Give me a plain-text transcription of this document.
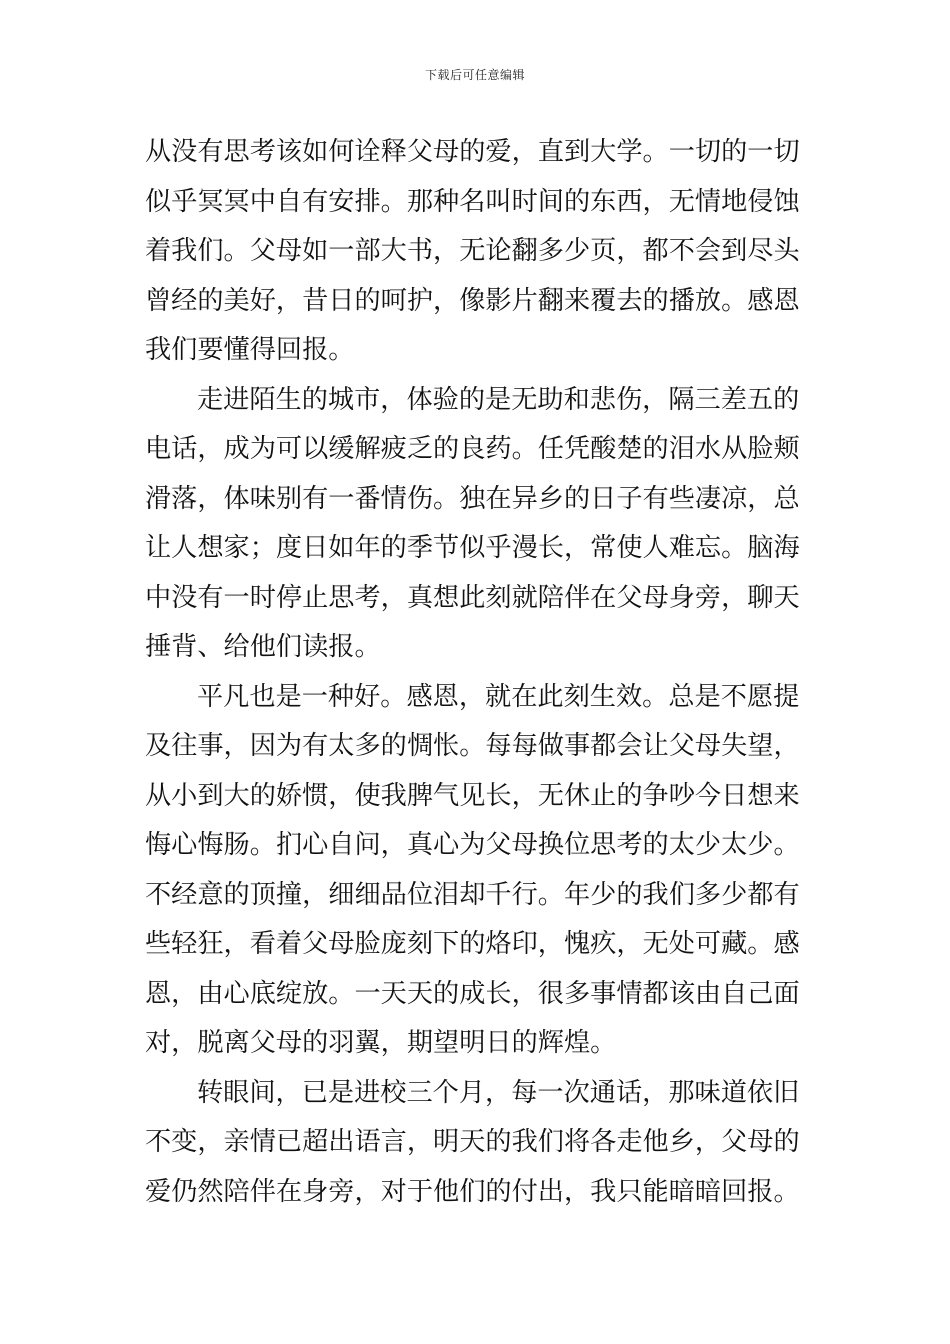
下载后可任意编辑
从没有思考该如何诠释父母的爱，直到大学。一切的一切
似乎冥冥中自有安排。那种名叫时间的东西，无情地侵蚀
着我们。父母如一部大书，无论翻多少页，都不会到尽头
曾经的美好，昔日的呵护，像影片翻来覆去的播放。感恩
我们要懂得回报。
走进陌生的城市，体验的是无助和悲伤，隔三差五的
电话，成为可以缓解疲乏的良药。任凭酸楚的泪水从脸颊
滑落，体味别有一番情伤。独在异乡的日子有些凄凉，总
让人想家；度日如年的季节似乎漫长，常使人难忘。脑海
中没有一时停止思考，真想此刻就陪伴在父母身旁，聊天
捶背、给他们读报。
平凡也是一种好。感恩，就在此刻生效。总是不愿提
及往事，因为有太多的惆怅。每每做事都会让父母失望，
从小到大的娇惯，使我脾气见长，无休止的争吵今日想来
悔心悔肠。扪心自问，真心为父母换位思考的太少太少。
不经意的顶撞，细细品位泪却千行。年少的我们多少都有
些轻狂，看着父母脸庞刻下的烙印，愧疚，无处可藏。感
恩，由心底绽放。一天天的成长，很多事情都该由自己面
对，脱离父母的羽翼，期望明日的辉煌。
转眼间，已是进校三个月，每一次通话，那味道依旧
不变，亲情已超出语言，明天的我们将各走他乡，父母的
爱仍然陪伴在身旁，对于他们的付出，我只能暗暗回报。
